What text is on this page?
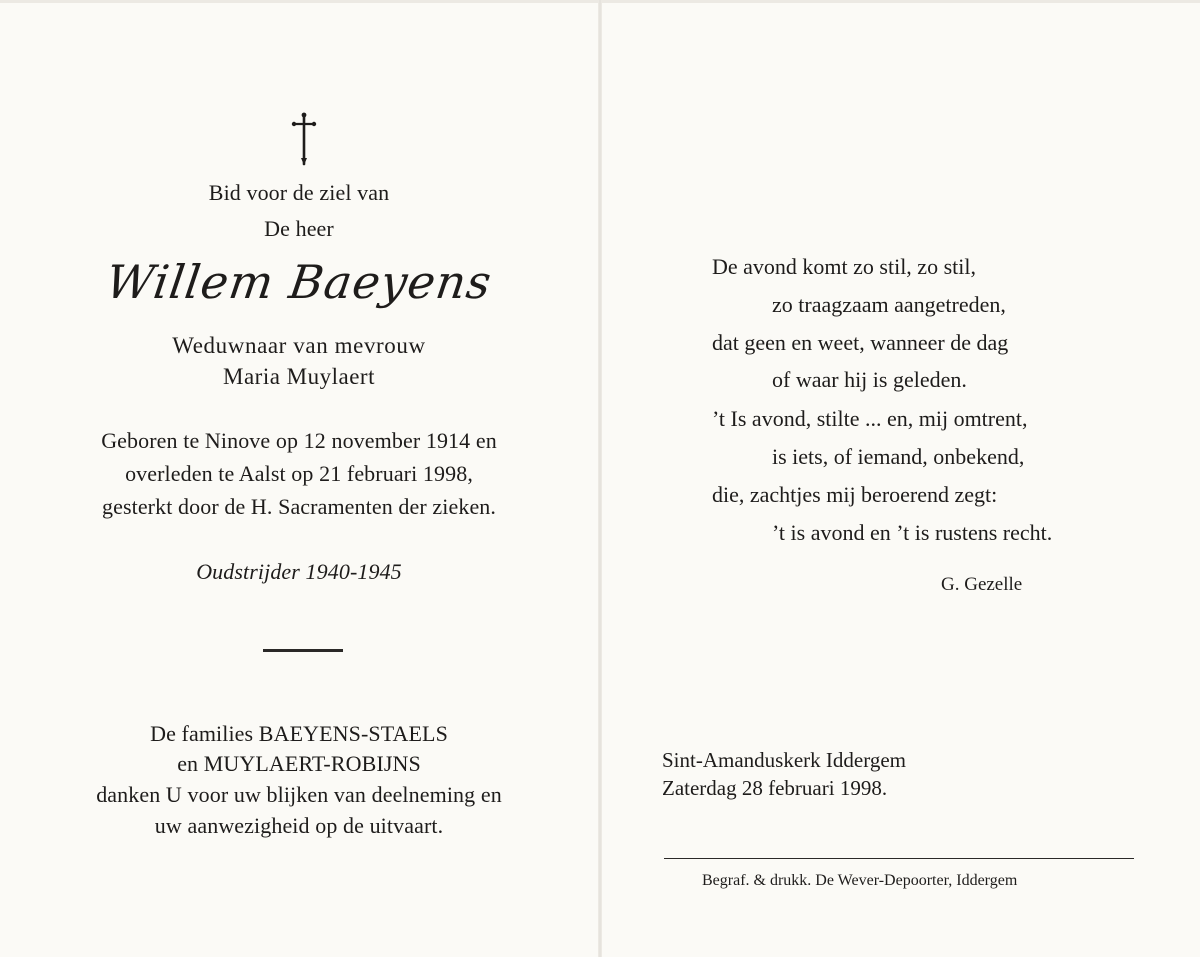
Bid voor de ziel van
De heer
Willem Baeyens
Weduwnaar van mevrouw
Maria Muylaert
Geboren te Ninove op 12 november 1914 en
overleden te Aalst op 21 februari 1998,
gesterkt door de H. Sacramenten der zieken.
Oudstrijder 1940-1945
De families BAEYENS-STAELS
en MUYLAERT-ROBIJNS
danken U voor uw blijken van deelneming en
uw aanwezigheid op de uitvaart.
De avond komt zo stil, zo stil,
zo traagzaam aangetreden,
dat geen en weet, wanneer de dag
of waar hij is geleden.
’t Is avond, stilte ... en, mij omtrent,
is iets, of iemand, onbekend,
die, zachtjes mij beroerend zegt:
’t is avond en ’t is rustens recht.
G. Gezelle
Sint-Amanduskerk Iddergem
Zaterdag 28 februari 1998.
Begraf. & drukk. De Wever-Depoorter, Iddergem
